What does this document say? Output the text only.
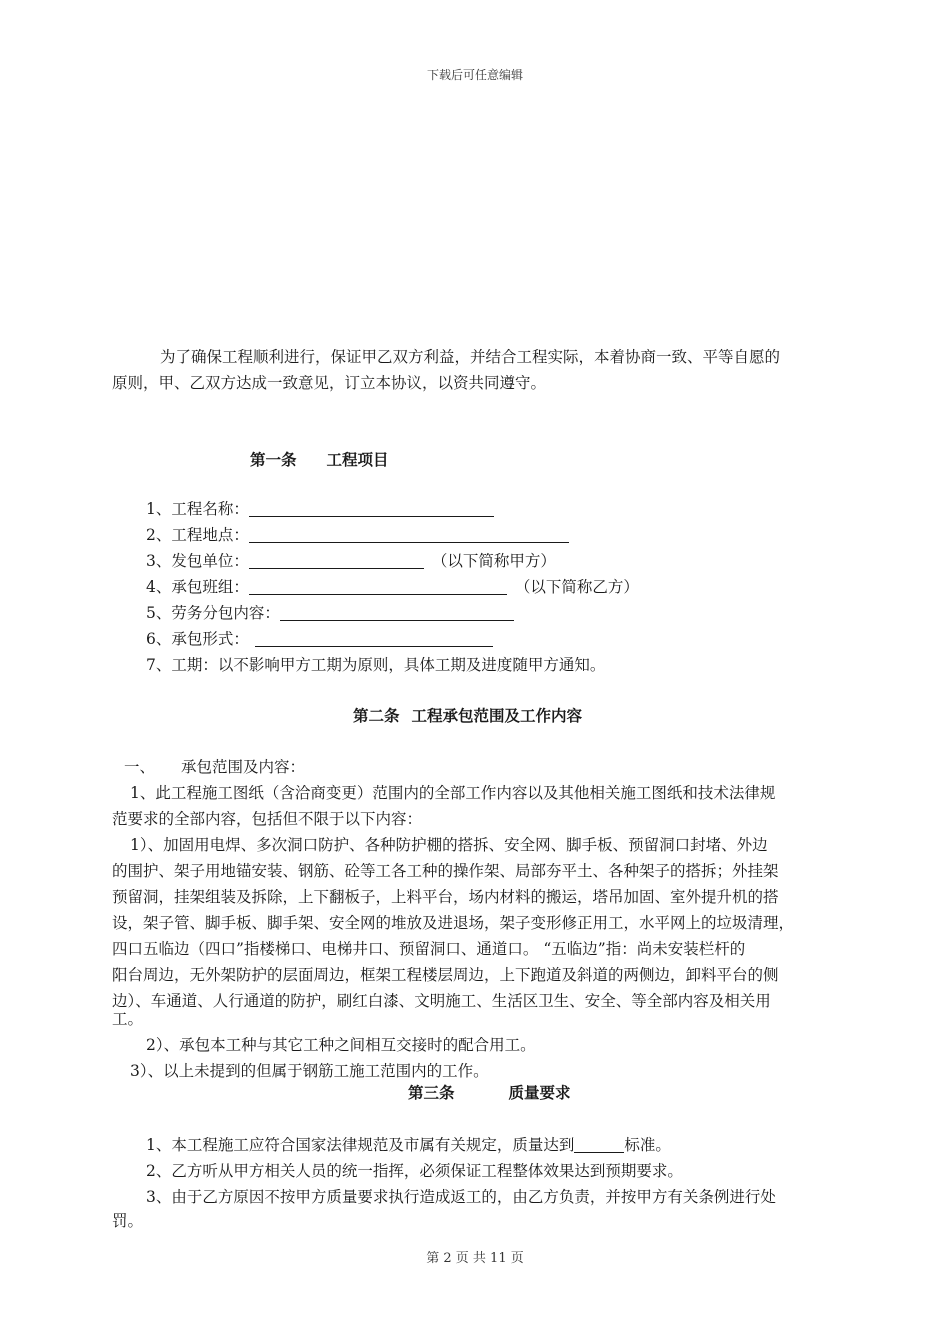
下载后可任意编辑
为了确保工程顺利进行，保证甲乙双方利益，并结合工程实际，本着协商一致、平等自愿的
原则，甲、乙双方达成一致意见，订立本协议，以资共同遵守。
第一条 工程项目
1、工程名称：
2、工程地点：
3、发包单位：	（以下简称甲方）
4、承包班组：	（以下简称乙方）
5、劳务分包内容：
6、承包形式：
7、工期：以不影响甲方工期为原则，具体工期及进度随甲方通知。
第二条 工程承包范围及工作内容
一、 承包范围及内容：
1、此工程施工图纸（含洽商变更）范围内的全部工作内容以及其他相关施工图纸和技术法律规
范要求的全部内容，包括但不限于以下内容：
1）、加固用电焊、多次洞口防护、各种防护棚的搭拆、安全网、脚手板、预留洞口封堵、外边
的围护、架子用地锚安装、钢筋、砼等工各工种的操作架、局部夯平土、各种架子的搭拆；外挂架
预留洞，挂架组装及拆除，上下翻板子，上料平台，场内材料的搬运，塔吊加固、室外提升机的搭
设，架子管、脚手板、脚手架、安全网的堆放及进退场，架子变形修正用工，水平网上的垃圾清理，
四口五临边（四口”指楼梯口、电梯井口、预留洞口、通道口。 “五临边”指：尚未安装栏杆的
阳台周边，无外架防护的层面周边，框架工程楼层周边，上下跑道及斜道的两侧边，卸料平台的侧
边）、车通道、人行通道的防护，刷红白漆、文明施工、生活区卫生、安全、等全部内容及相关用
工。
2）、承包本工种与其它工种之间相互交接时的配合用工。
3）、以上未提到的但属于钢筋工施工范围内的工作。
第三条	质量要求
1、本工程施工应符合国家法律规范及市属有关规定，质量达到	标准。
2、乙方听从甲方相关人员的统一指挥，必须保证工程整体效果达到预期要求。
3、由于乙方原因不按甲方质量要求执行造成返工的，由乙方负责，并按甲方有关条例进行处
罚。
第 2 页 共 11 页
